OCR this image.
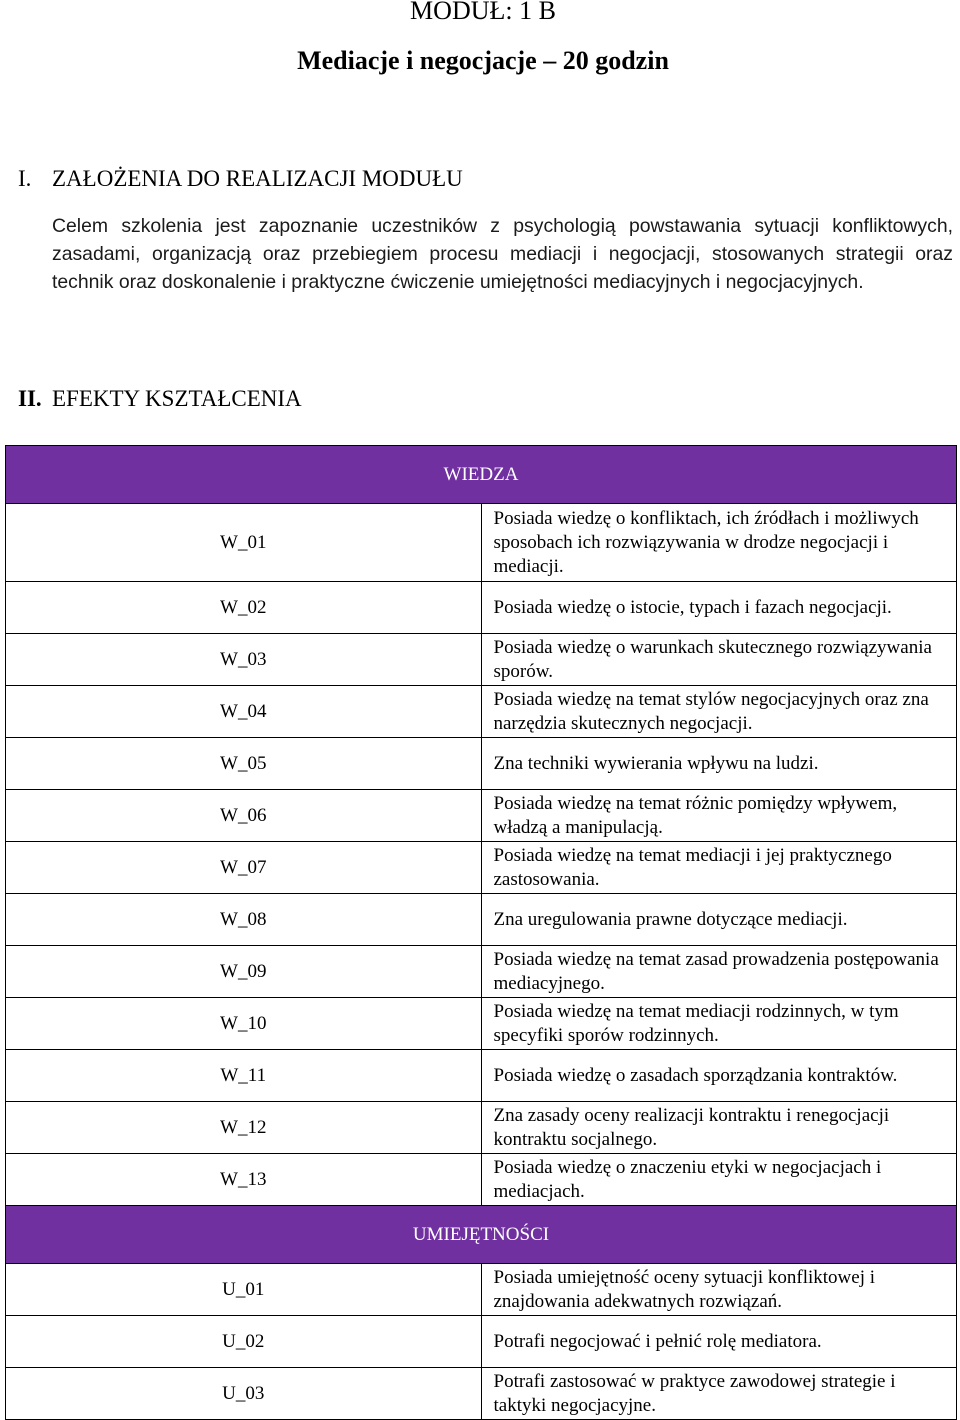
MODUŁ: 1 B
Mediacje i negocjacje – 20 godzin
I. ZAŁOŻENIA DO REALIZACJI MODUŁU

Celem szkolenia jest zapoznanie uczestników z psychologią powstawania sytuacji konfliktowych, zasadami, organizacją oraz przebiegiem procesu mediacji i negocjacji, stosowanych strategii oraz technik oraz doskonalenie i praktyczne ćwiczenie umiejętności mediacyjnych i negocjacyjnych.

II. EFEKTY KSZTAŁCENIA
WIEDZA	
W_01	Posiada wiedzę o konfliktach, ich źródłach i możliwych sposobach ich rozwiązywania w drodze negocjacji i mediacji.
W_02	Posiada wiedzę o istocie, typach i fazach negocjacji.
W_03	Posiada wiedzę o warunkach skutecznego rozwiązywania sporów.
W_04	Posiada wiedzę na temat stylów negocjacyjnych oraz zna narzędzia skutecznych negocjacji.
W_05	Zna techniki wywierania wpływu na ludzi.
W_06	Posiada wiedzę na temat różnic pomiędzy wpływem, władzą a manipulacją.
W_07	Posiada wiedzę na temat mediacji i jej praktycznego zastosowania.
W_08	Zna uregulowania prawne dotyczące mediacji.
W_09	Posiada wiedzę na temat zasad prowadzenia postępowania mediacyjnego.
W_10	Posiada wiedzę na temat mediacji rodzinnych, w tym specyfiki sporów rodzinnych.
W_11	Posiada wiedzę o zasadach sporządzania kontraktów.
W_12	Zna zasady oceny realizacji kontraktu i renegocjacji kontraktu socjalnego.
W_13	Posiada wiedzę o znaczeniu etyki w negocjacjach i mediacjach.
UMIEJĘTNOŚCI	
U_01	Posiada umiejętność oceny sytuacji konfliktowej i znajdowania adekwatnych rozwiązań.
U_02	Potrafi negocjować i pełnić rolę mediatora.
U_03	Potrafi zastosować w praktyce zawodowej strategie i taktyki negocjacyjne.
